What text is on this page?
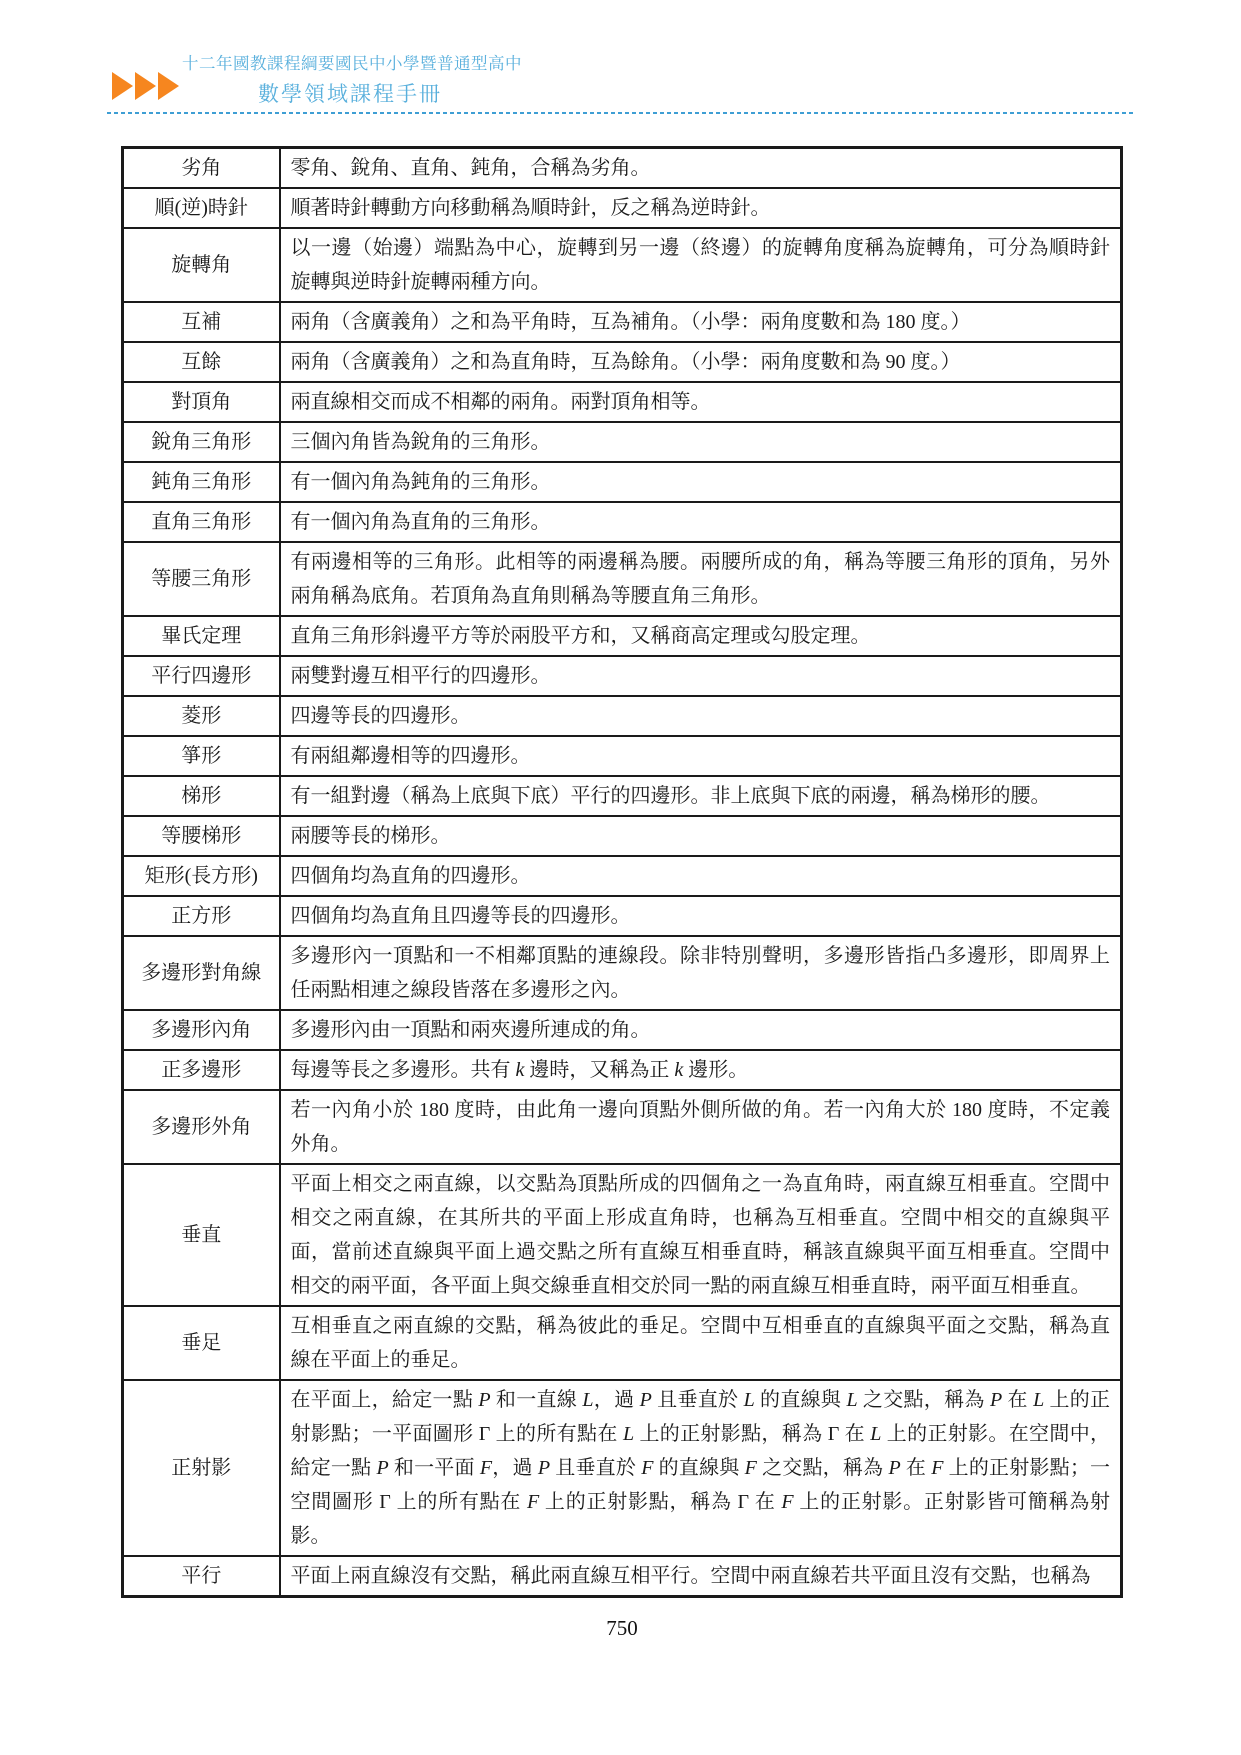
十二年國教課程綱要國民中小學暨普通型高中
數學領域課程手冊
劣角	零角、銳角、直角、鈍角，合稱為劣角。
順(逆)時針	順著時針轉動方向移動稱為順時針，反之稱為逆時針。
旋轉角	以一邊（始邊）端點為中心，旋轉到另一邊（終邊）的旋轉角度稱為旋轉角，可分為順時針旋轉與逆時針旋轉兩種方向。
互補	兩角（含廣義角）之和為平角時，互為補角。（小學：兩角度數和為 180 度。）
互餘	兩角（含廣義角）之和為直角時，互為餘角。（小學：兩角度數和為 90 度。）
對頂角	兩直線相交而成不相鄰的兩角。兩對頂角相等。
銳角三角形	三個內角皆為銳角的三角形。
鈍角三角形	有一個內角為鈍角的三角形。
直角三角形	有一個內角為直角的三角形。
等腰三角形	有兩邊相等的三角形。此相等的兩邊稱為腰。兩腰所成的角，稱為等腰三角形的頂角，另外兩角稱為底角。若頂角為直角則稱為等腰直角三角形。
畢氏定理	直角三角形斜邊平方等於兩股平方和，又稱商高定理或勾股定理。
平行四邊形	兩雙對邊互相平行的四邊形。
菱形	四邊等長的四邊形。
箏形	有兩組鄰邊相等的四邊形。
梯形	有一組對邊（稱為上底與下底）平行的四邊形。非上底與下底的兩邊，稱為梯形的腰。
等腰梯形	兩腰等長的梯形。
矩形(長方形)	四個角均為直角的四邊形。
正方形	四個角均為直角且四邊等長的四邊形。
多邊形對角線	多邊形內一頂點和一不相鄰頂點的連線段。除非特別聲明，多邊形皆指凸多邊形，即周界上任兩點相連之線段皆落在多邊形之內。
多邊形內角	多邊形內由一頂點和兩夾邊所連成的角。
正多邊形	每邊等長之多邊形。共有 k 邊時，又稱為正 k 邊形。
多邊形外角	若一內角小於 180 度時，由此角一邊向頂點外側所做的角。若一內角大於 180 度時，不定義外角。
垂直	平面上相交之兩直線，以交點為頂點所成的四個角之一為直角時，兩直線互相垂直。空間中相交之兩直線，在其所共的平面上形成直角時，也稱為互相垂直。空間中相交的直線與平面，當前述直線與平面上過交點之所有直線互相垂直時，稱該直線與平面互相垂直。空間中相交的兩平面，各平面上與交線垂直相交於同一點的兩直線互相垂直時，兩平面互相垂直。
垂足	互相垂直之兩直線的交點，稱為彼此的垂足。空間中互相垂直的直線與平面之交點，稱為直線在平面上的垂足。
正射影	在平面上，給定一點 P 和一直線 L，過 P 且垂直於 L 的直線與 L 之交點，稱為 P 在 L 上的正射影點；一平面圖形 Γ 上的所有點在 L 上的正射影點，稱為 Γ 在 L 上的正射影。在空間中，給定一點 P 和一平面 F，過 P 且垂直於 F 的直線與 F 之交點，稱為 P 在 F 上的正射影點；一空間圖形 Γ 上的所有點在 F 上的正射影點，稱為 Γ 在 F 上的正射影。正射影皆可簡稱為射影。
平行	平面上兩直線沒有交點，稱此兩直線互相平行。空間中兩直線若共平面且沒有交點，也稱為
750
